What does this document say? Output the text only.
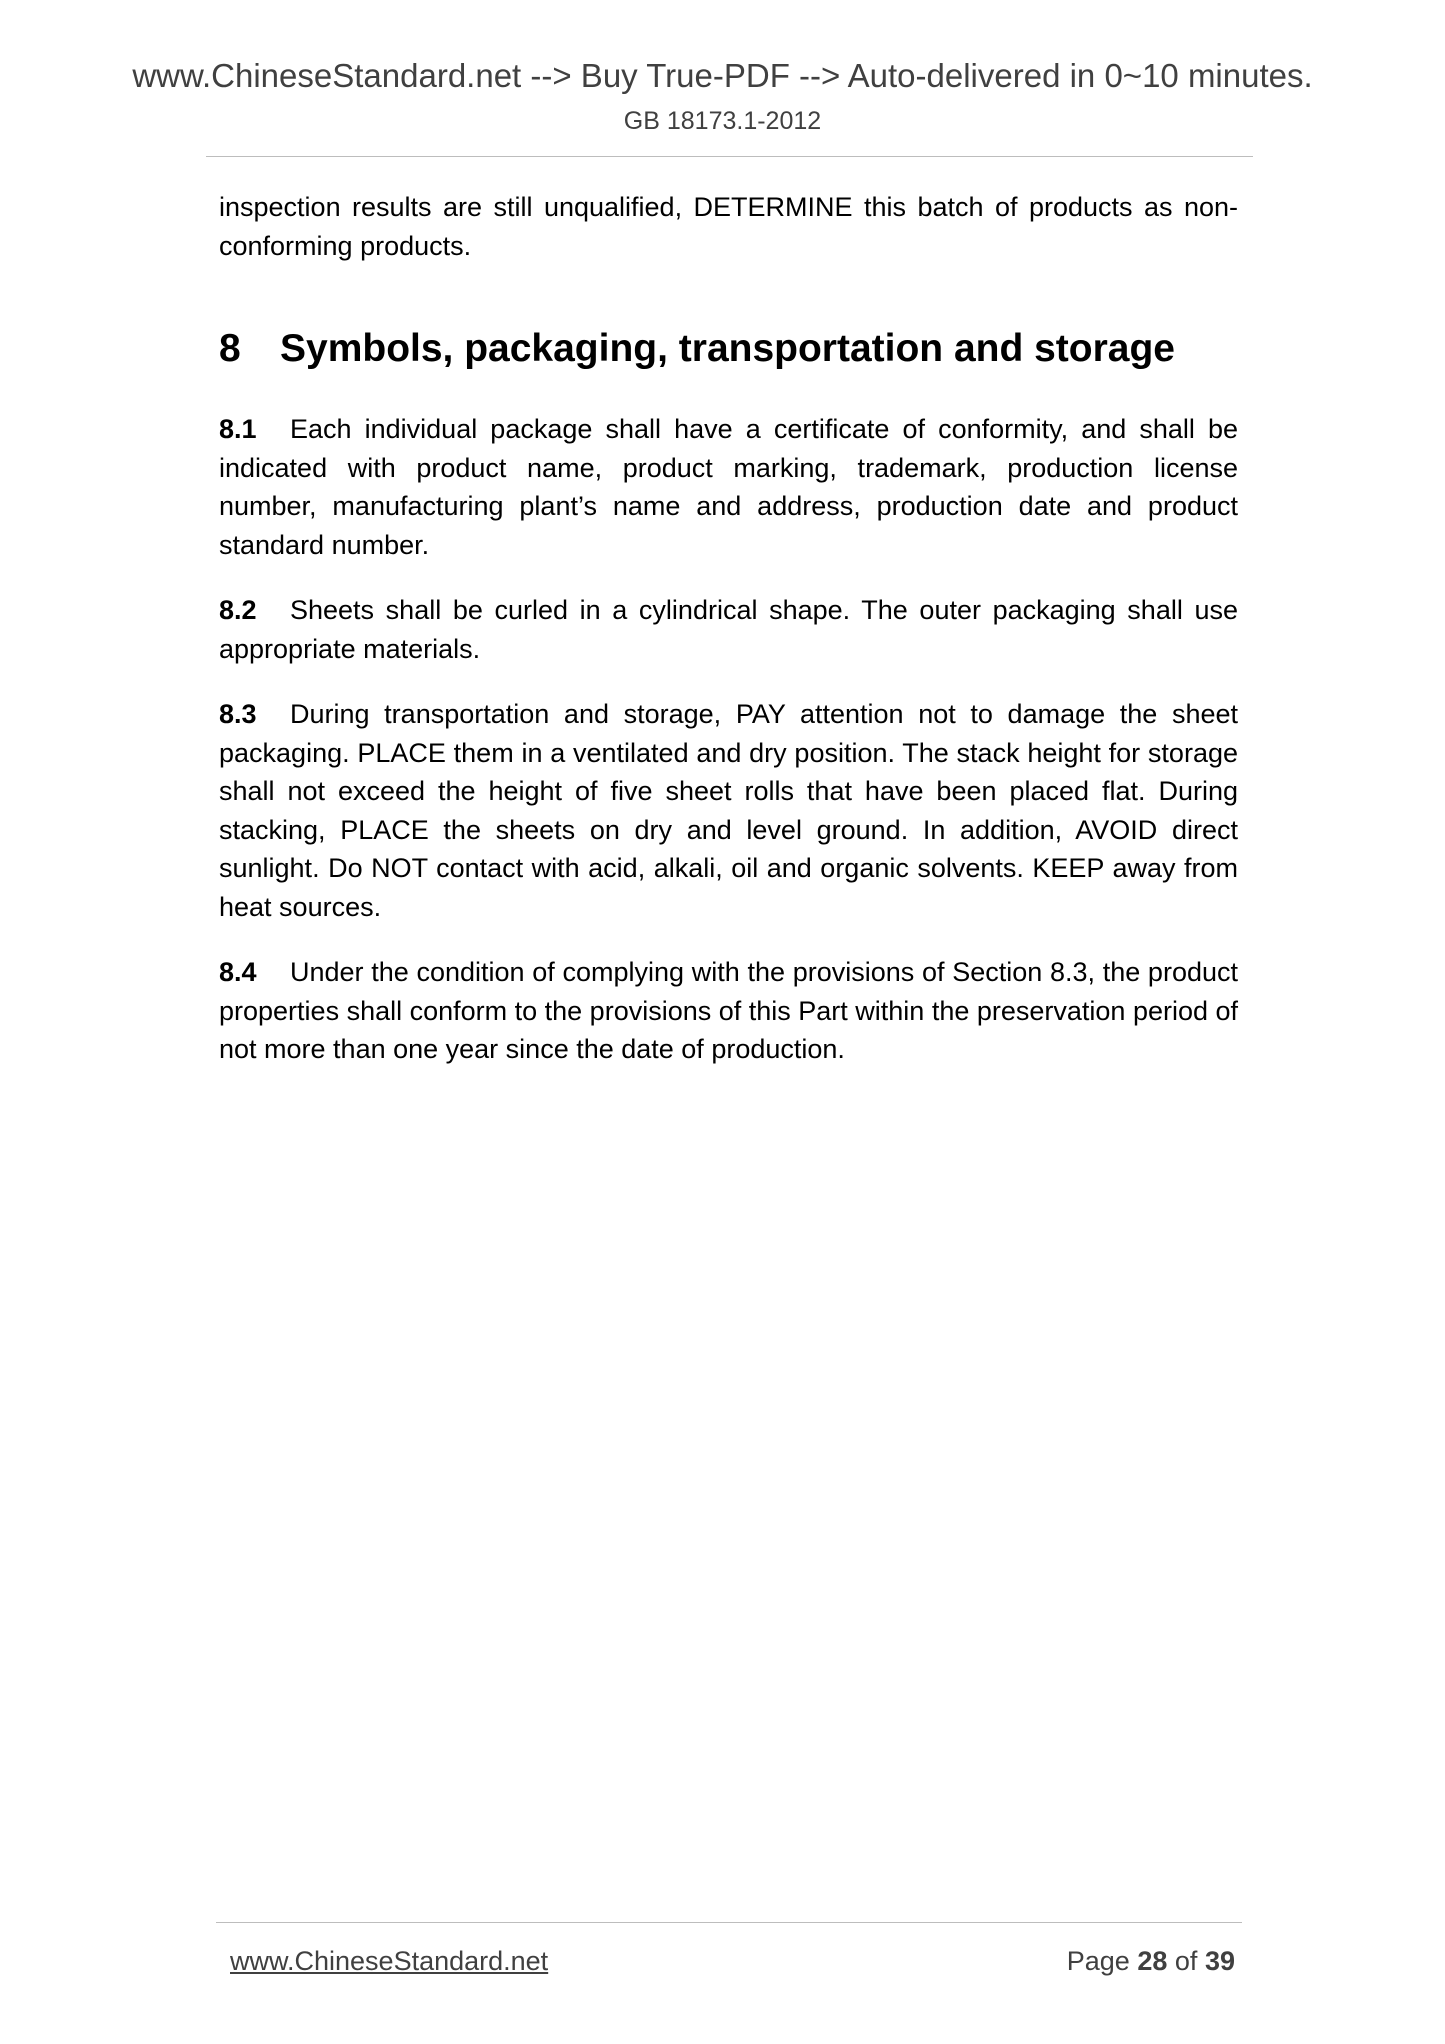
www.ChineseStandard.net --> Buy True-PDF --> Auto-delivered in 0~10 minutes.
GB 18173.1-2012

inspection results are still unqualified, DETERMINE this batch of products as non-conforming products.

8 Symbols, packaging, transportation and storage

8.1 Each individual package shall have a certificate of conformity, and shall be indicated with product name, product marking, trademark, production license number, manufacturing plant’s name and address, production date and product standard number.

8.2 Sheets shall be curled in a cylindrical shape. The outer packaging shall use appropriate materials.

8.3 During transportation and storage, PAY attention not to damage the sheet packaging. PLACE them in a ventilated and dry position. The stack height for storage shall not exceed the height of five sheet rolls that have been placed flat. During stacking, PLACE the sheets on dry and level ground. In addition, AVOID direct sunlight. Do NOT contact with acid, alkali, oil and organic solvents. KEEP away from heat sources.

8.4 Under the condition of complying with the provisions of Section 8.3, the product properties shall conform to the provisions of this Part within the preservation period of not more than one year since the date of production.

www.ChineseStandard.net	Page 28 of 39
